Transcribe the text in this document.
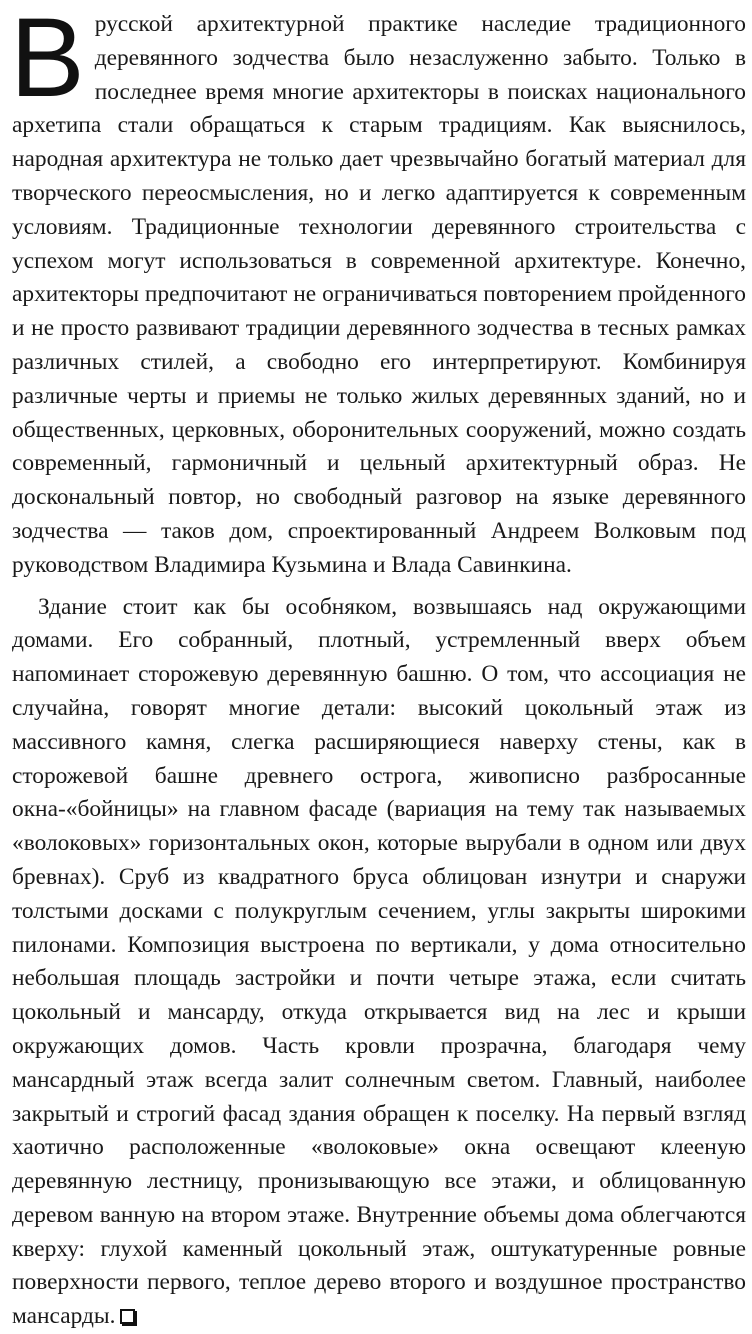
В русской архитектурной практике наследие традиционного деревянного зодчества было незаслуженно забыто. Только в последнее время многие архитекторы в поисках национального архетипа стали обращаться к старым традициям. Как выяснилось, народная архитектура не только дает чрезвычайно богатый материал для творческого переосмысления, но и легко адаптируется к современным условиям. Традиционные технологии деревянного строительства с успехом могут использоваться в современной архитектуре. Конечно, архитекторы предпочитают не ограничиваться повторением пройденного и не просто развивают традиции деревянного зодчества в тесных рамках различных стилей, а свободно его интерпретируют. Комбинируя различные черты и приемы не только жилых деревянных зданий, но и общественных, церковных, оборонительных сооружений, можно создать современный, гармоничный и цельный архитектурный образ. Не доскональный повтор, но свободный разговор на языке деревянного зодчества — таков дом, спроектированный Андреем Волковым под руководством Владимира Кузьмина и Влада Савинкина.

Здание стоит как бы особняком, возвышаясь над окружающими домами. Его собранный, плотный, устремленный вверх объем напоминает сторожевую деревянную башню. О том, что ассоциация не случайна, говорят многие детали: высокий цокольный этаж из массивного камня, слегка расширяющиеся наверху стены, как в сторожевой башне древнего острога, живописно разбросанные окна-«бойницы» на главном фасаде (вариация на тему так называемых «волоковых» горизонтальных окон, которые вырубали в одном или двух бревнах). Сруб из квадратного бруса облицован изнутри и снаружи толстыми досками с полукруглым сечением, углы закрыты широкими пилонами. Композиция выстроена по вертикали, у дома относительно небольшая площадь застройки и почти четыре этажа, если считать цокольный и мансарду, откуда открывается вид на лес и крыши окружающих домов. Часть кровли прозрачна, благодаря чему мансардный этаж всегда залит солнечным светом. Главный, наиболее закрытый и строгий фасад здания обращен к поселку. На первый взгляд хаотично расположенные «волоковые» окна освещают клееную деревянную лестницу, пронизывающую все этажи, и облицованную деревом ванную на втором этаже. Внутренние объемы дома облегчаются кверху: глухой каменный цокольный этаж, оштукатуренные ровные поверхности первого, теплое дерево второго и воздушное пространство мансарды.
